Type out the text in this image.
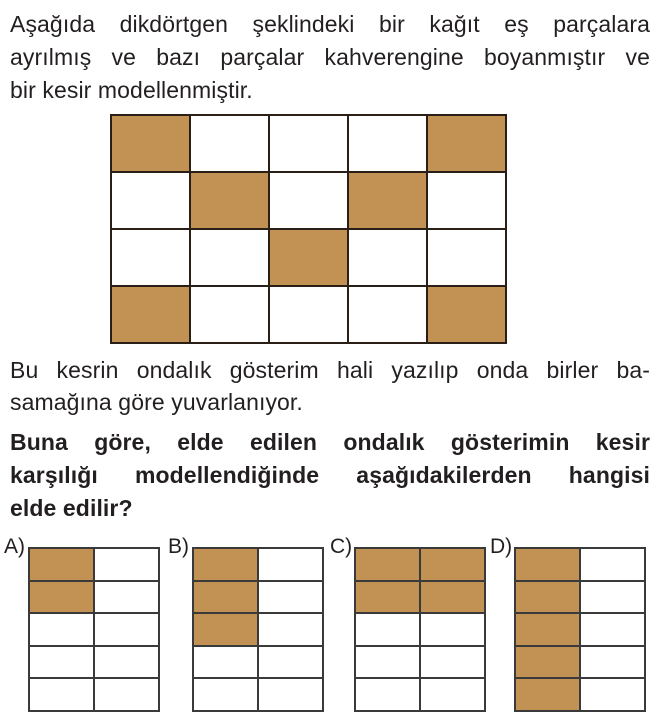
Aşağıda dikdörtgen şeklindeki bir kağıt eş parçalara
ayrılmış ve bazı parçalar kahverengine boyanmıştır ve
bir kesir modellenmiştir.

Bu kesrin ondalık gösterim hali yazılıp onda birler ba-
samağına göre yuvarlanıyor.

Buna göre, elde edilen ondalık gösterimin kesir
karşılığı modellendiğinde aşağıdakilerden hangisi
elde edilir?

A)	B)	C)	D)
